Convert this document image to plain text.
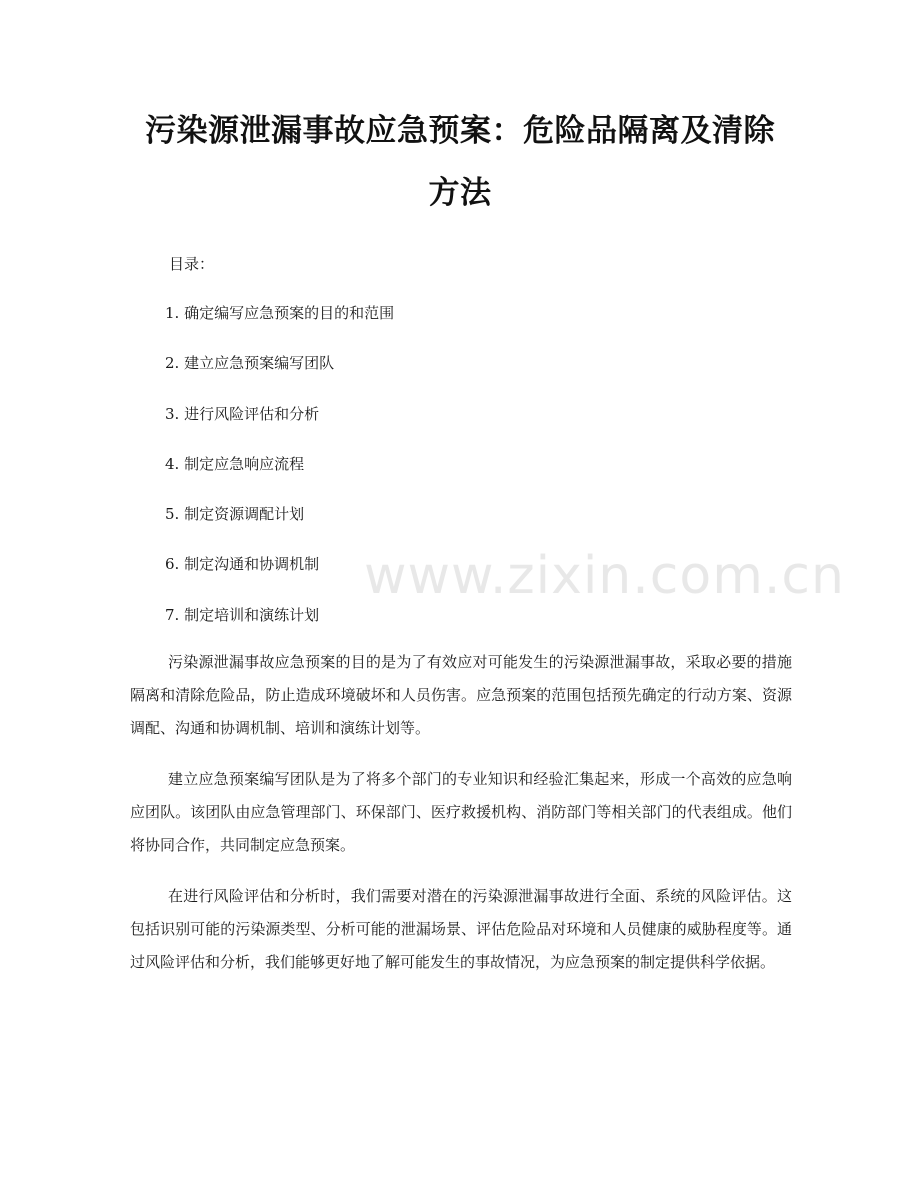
污染源泄漏事故应急预案：危险品隔离及清除方法
目录：
1. 确定编写应急预案的目的和范围
2. 建立应急预案编写团队
3. 进行风险评估和分析
4. 制定应急响应流程
5. 制定资源调配计划
6. 制定沟通和协调机制
7. 制定培训和演练计划

污染源泄漏事故应急预案的目的是为了有效应对可能发生的污染源泄漏事故，采取必要的措施隔离和清除危险品，防止造成环境破坏和人员伤害。应急预案的范围包括预先确定的行动方案、资源调配、沟通和协调机制、培训和演练计划等。

建立应急预案编写团队是为了将多个部门的专业知识和经验汇集起来，形成一个高效的应急响应团队。该团队由应急管理部门、环保部门、医疗救援机构、消防部门等相关部门的代表组成。他们将协同合作，共同制定应急预案。

在进行风险评估和分析时，我们需要对潜在的污染源泄漏事故进行全面、系统的风险评估。这包括识别可能的污染源类型、分析可能的泄漏场景、评估危险品对环境和人员健康的威胁程度等。通过风险评估和分析，我们能够更好地了解可能发生的事故情况，为应急预案的制定提供科学依据。

www.zixin.com.cn
